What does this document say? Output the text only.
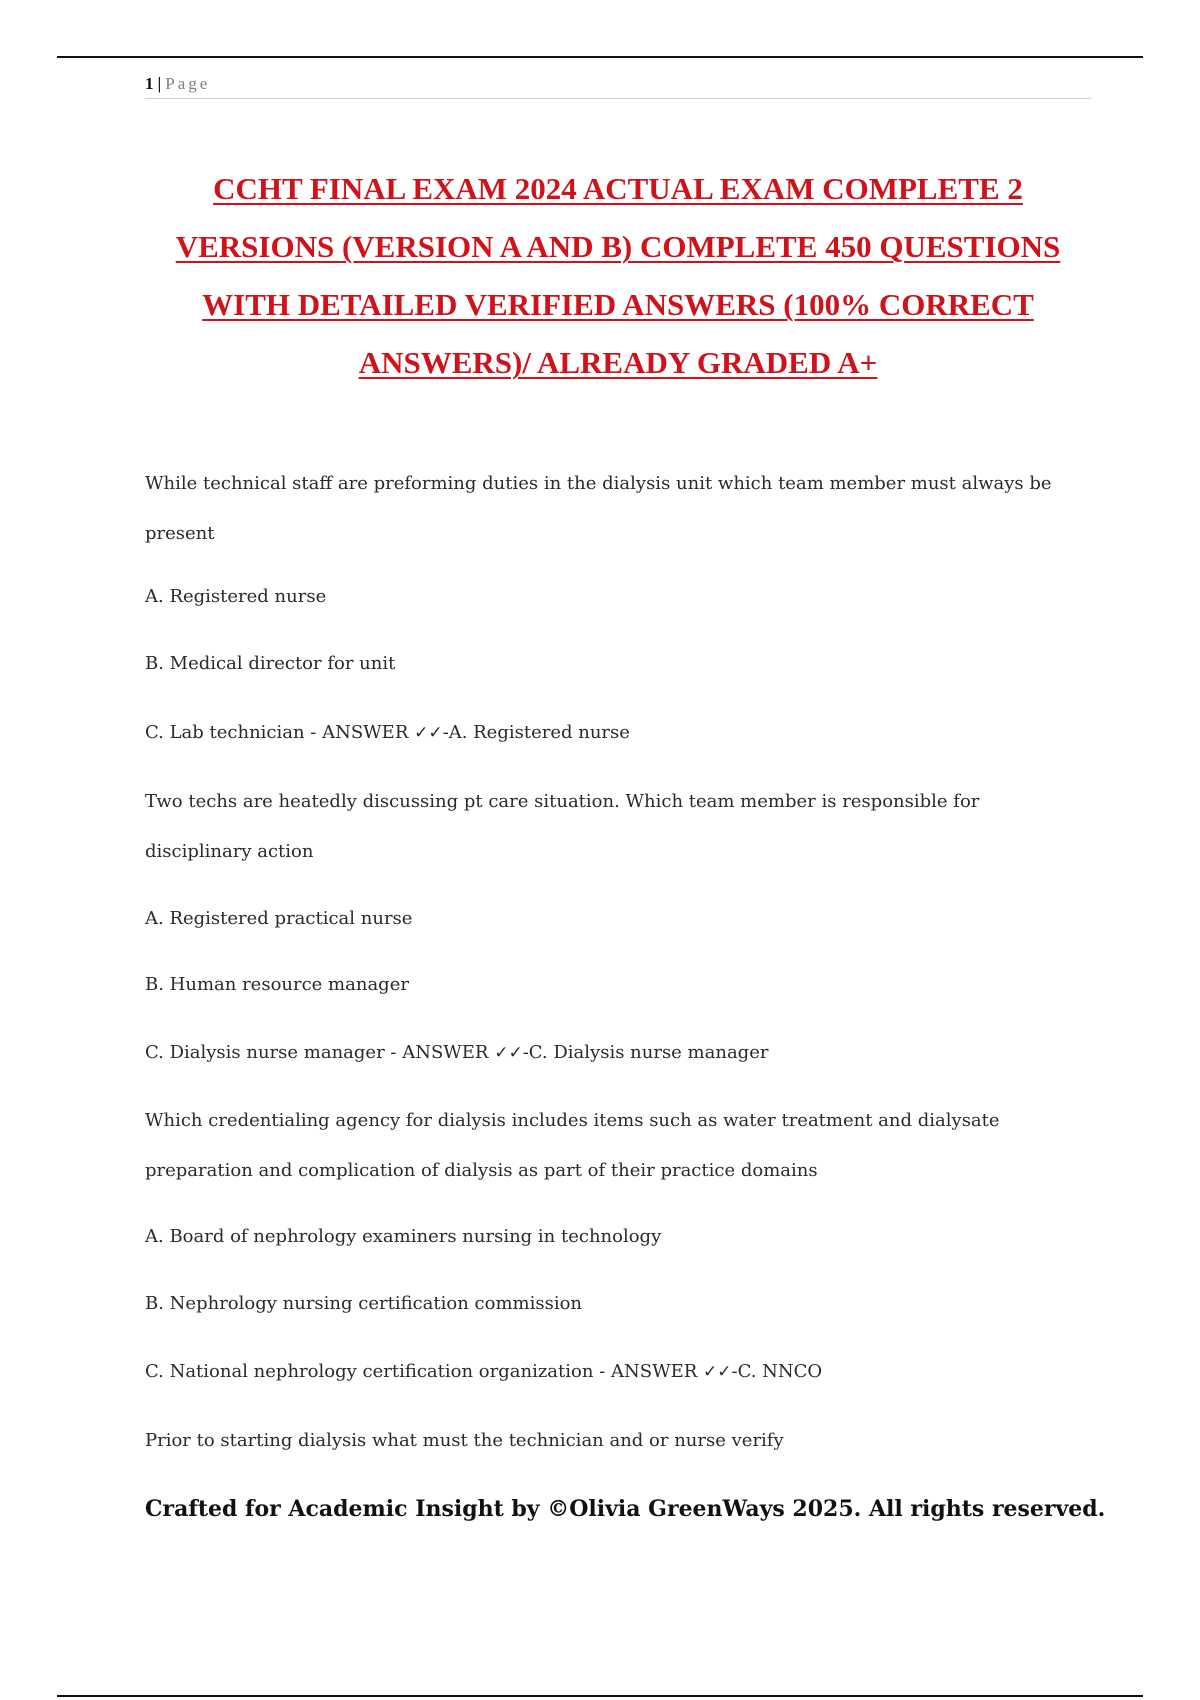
1 | Page
CCHT FINAL EXAM 2024 ACTUAL EXAM COMPLETE 2 VERSIONS (VERSION A AND B) COMPLETE 450 QUESTIONS WITH DETAILED VERIFIED ANSWERS (100% CORRECT ANSWERS)/ ALREADY GRADED A+

While technical staff are preforming duties in the dialysis unit which team member must always be present

A. Registered nurse

B. Medical director for unit

C. Lab technician - ANSWER ✓✓-A. Registered nurse

Two techs are heatedly discussing pt care situation. Which team member is responsible for disciplinary action

A. Registered practical nurse

B. Human resource manager

C. Dialysis nurse manager - ANSWER ✓✓-C. Dialysis nurse manager

Which credentialing agency for dialysis includes items such as water treatment and dialysate preparation and complication of dialysis as part of their practice domains

A. Board of nephrology examiners nursing in technology

B. Nephrology nursing certification commission

C. National nephrology certification organization - ANSWER ✓✓-C. NNCO

Prior to starting dialysis what must the technician and or nurse verify

Crafted for Academic Insight by ©Olivia GreenWays 2025. All rights reserved.
